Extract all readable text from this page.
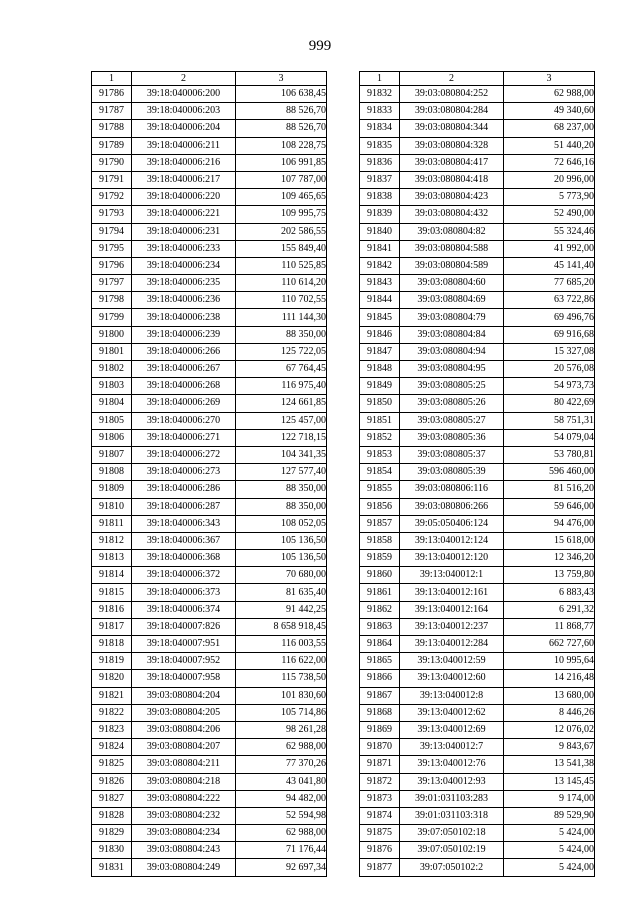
999
1	2	3
91786	39:18:040006:200	106 638,45
91787	39:18:040006:203	88 526,70
91788	39:18:040006:204	88 526,70
91789	39:18:040006:211	108 228,75
91790	39:18:040006:216	106 991,85
91791	39:18:040006:217	107 787,00
91792	39:18:040006:220	109 465,65
91793	39:18:040006:221	109 995,75
91794	39:18:040006:231	202 586,55
91795	39:18:040006:233	155 849,40
91796	39:18:040006:234	110 525,85
91797	39:18:040006:235	110 614,20
91798	39:18:040006:236	110 702,55
91799	39:18:040006:238	111 144,30
91800	39:18:040006:239	88 350,00
91801	39:18:040006:266	125 722,05
91802	39:18:040006:267	67 764,45
91803	39:18:040006:268	116 975,40
91804	39:18:040006:269	124 661,85
91805	39:18:040006:270	125 457,00
91806	39:18:040006:271	122 718,15
91807	39:18:040006:272	104 341,35
91808	39:18:040006:273	127 577,40
91809	39:18:040006:286	88 350,00
91810	39:18:040006:287	88 350,00
91811	39:18:040006:343	108 052,05
91812	39:18:040006:367	105 136,50
91813	39:18:040006:368	105 136,50
91814	39:18:040006:372	70 680,00
91815	39:18:040006:373	81 635,40
91816	39:18:040006:374	91 442,25
91817	39:18:040007:826	8 658 918,45
91818	39:18:040007:951	116 003,55
91819	39:18:040007:952	116 622,00
91820	39:18:040007:958	115 738,50
91821	39:03:080804:204	101 830,60
91822	39:03:080804:205	105 714,86
91823	39:03:080804:206	98 261,28
91824	39:03:080804:207	62 988,00
91825	39:03:080804:211	77 370,26
91826	39:03:080804:218	43 041,80
91827	39:03:080804:222	94 482,00
91828	39:03:080804:232	52 594,98
91829	39:03:080804:234	62 988,00
91830	39:03:080804:243	71 176,44
91831	39:03:080804:249	92 697,34
1	2	3
91832	39:03:080804:252	62 988,00
91833	39:03:080804:284	49 340,60
91834	39:03:080804:344	68 237,00
91835	39:03:080804:328	51 440,20
91836	39:03:080804:417	72 646,16
91837	39:03:080804:418	20 996,00
91838	39:03:080804:423	5 773,90
91839	39:03:080804:432	52 490,00
91840	39:03:080804:82	55 324,46
91841	39:03:080804:588	41 992,00
91842	39:03:080804:589	45 141,40
91843	39:03:080804:60	77 685,20
91844	39:03:080804:69	63 722,86
91845	39:03:080804:79	69 496,76
91846	39:03:080804:84	69 916,68
91847	39:03:080804:94	15 327,08
91848	39:03:080804:95	20 576,08
91849	39:03:080805:25	54 973,73
91850	39:03:080805:26	80 422,69
91851	39:03:080805:27	58 751,31
91852	39:03:080805:36	54 079,04
91853	39:03:080805:37	53 780,81
91854	39:03:080805:39	596 460,00
91855	39:03:080806:116	81 516,20
91856	39:03:080806:266	59 646,00
91857	39:05:050406:124	94 476,00
91858	39:13:040012:124	15 618,00
91859	39:13:040012:120	12 346,20
91860	39:13:040012:1	13 759,80
91861	39:13:040012:161	6 883,43
91862	39:13:040012:164	6 291,32
91863	39:13:040012:237	11 868,77
91864	39:13:040012:284	662 727,60
91865	39:13:040012:59	10 995,64
91866	39:13:040012:60	14 216,48
91867	39:13:040012:8	13 680,00
91868	39:13:040012:62	8 446,26
91869	39:13:040012:69	12 076,02
91870	39:13:040012:7	9 843,67
91871	39:13:040012:76	13 541,38
91872	39:13:040012:93	13 145,45
91873	39:01:031103:283	9 174,00
91874	39:01:031103:318	89 529,90
91875	39:07:050102:18	5 424,00
91876	39:07:050102:19	5 424,00
91877	39:07:050102:2	5 424,00
